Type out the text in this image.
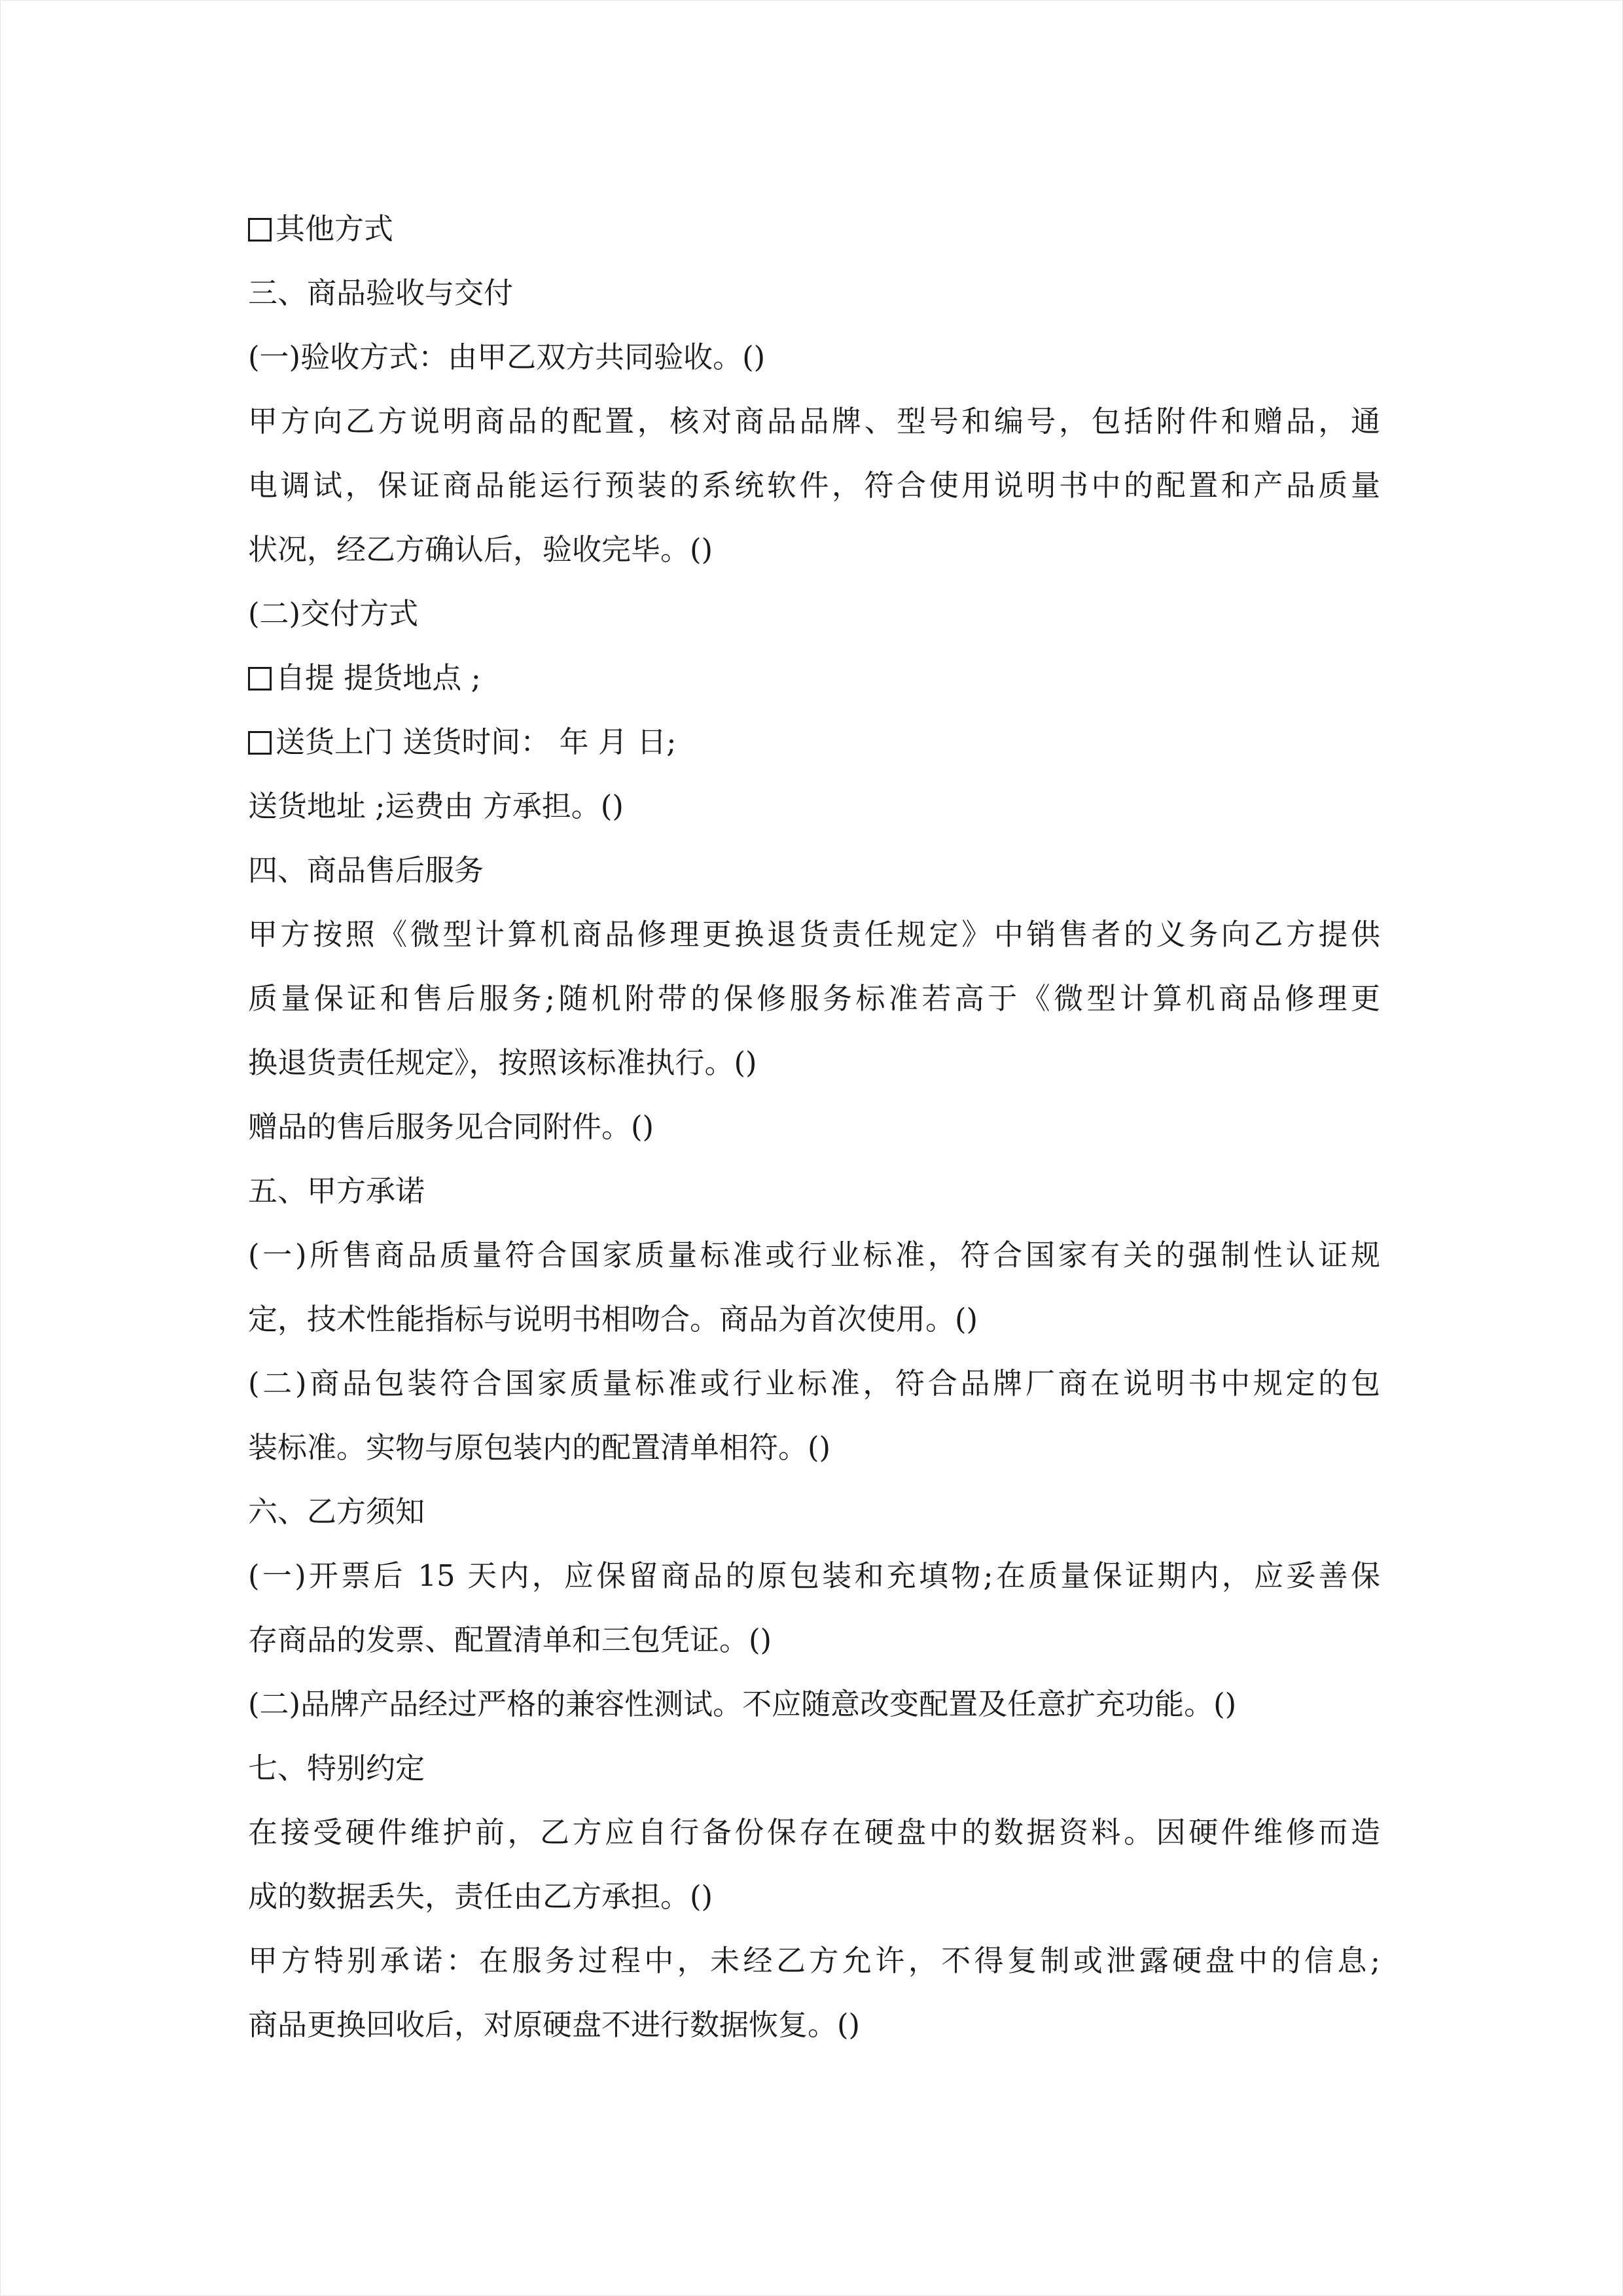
其他方式
三、商品验收与交付
(一)验收方式：由甲乙双方共同验收。()
甲方向乙方说明商品的配置，核对商品品牌、型号和编号，包括附件和赠品，通
电调试，保证商品能运行预装的系统软件，符合使用说明书中的配置和产品质量
状况，经乙方确认后，验收完毕。()
(二)交付方式
自提 提货地点 ;
送货上门 送货时间： 年 月 日;
送货地址 ;运费由 方承担。()
四、商品售后服务
甲方按照《微型计算机商品修理更换退货责任规定》中销售者的义务向乙方提供
质量保证和售后服务;随机附带的保修服务标准若高于《微型计算机商品修理更
换退货责任规定》，按照该标准执行。()
赠品的售后服务见合同附件。()
五、甲方承诺
(一)所售商品质量符合国家质量标准或行业标准，符合国家有关的强制性认证规
定，技术性能指标与说明书相吻合。商品为首次使用。()
(二)商品包装符合国家质量标准或行业标准，符合品牌厂商在说明书中规定的包
装标准。实物与原包装内的配置清单相符。()
六、乙方须知
(一)开票后 15 天内，应保留商品的原包装和充填物;在质量保证期内，应妥善保
存商品的发票、配置清单和三包凭证。()
(二)品牌产品经过严格的兼容性测试。不应随意改变配置及任意扩充功能。()
七、特别约定
在接受硬件维护前，乙方应自行备份保存在硬盘中的数据资料。因硬件维修而造
成的数据丢失，责任由乙方承担。()
甲方特别承诺：在服务过程中，未经乙方允许，不得复制或泄露硬盘中的信息;
商品更换回收后，对原硬盘不进行数据恢复。()
